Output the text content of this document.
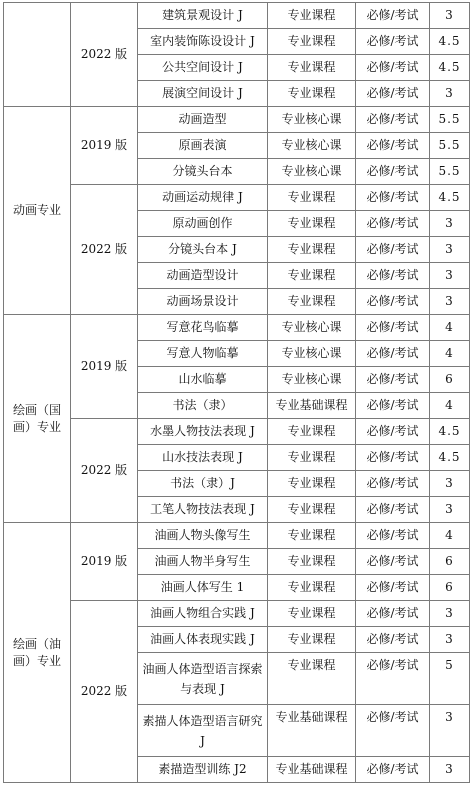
	2022 版	建筑景观设计 J	专业课程	必修/考试	3
		室内装饰陈设设计 J	专业课程	必修/考试	4.5
		公共空间设计 J	专业课程	必修/考试	4.5
		展演空间设计 J	专业课程	必修/考试	3
动画专业	2019 版	动画造型	专业核心课	必修/考试	5.5
		原画表演	专业核心课	必修/考试	5.5
		分镜头台本	专业核心课	必修/考试	5.5
	2022 版	动画运动规律 J	专业课程	必修/考试	4.5
		原动画创作	专业课程	必修/考试	3
		分镜头台本 J	专业课程	必修/考试	3
		动画造型设计	专业课程	必修/考试	3
		动画场景设计	专业课程	必修/考试	3
绘画（国画）专业	2019 版	写意花鸟临摹	专业核心课	必修/考试	4
		写意人物临摹	专业核心课	必修/考试	4
		山水临摹	专业核心课	必修/考试	6
		书法（隶）	专业基础课程	必修/考试	4
	2022 版	水墨人物技法表现 J	专业课程	必修/考试	4.5
		山水技法表现 J	专业课程	必修/考试	4.5
		书法（隶）J	专业课程	必修/考试	3
		工笔人物技法表现 J	专业课程	必修/考试	3
绘画（油画）专业	2019 版	油画人物头像写生	专业课程	必修/考试	4
		油画人物半身写生	专业课程	必修/考试	6
		油画人体写生 1	专业课程	必修/考试	6
	2022 版	油画人物组合实践 J	专业课程	必修/考试	3
		油画人体表现实践 J	专业课程	必修/考试	3
		油画人体造型语言探索与表现 J	专业课程	必修/考试	5
		素描人体造型语言研究 J	专业基础课程	必修/考试	3
		素描造型训练 J2	专业基础课程	必修/考试	3
